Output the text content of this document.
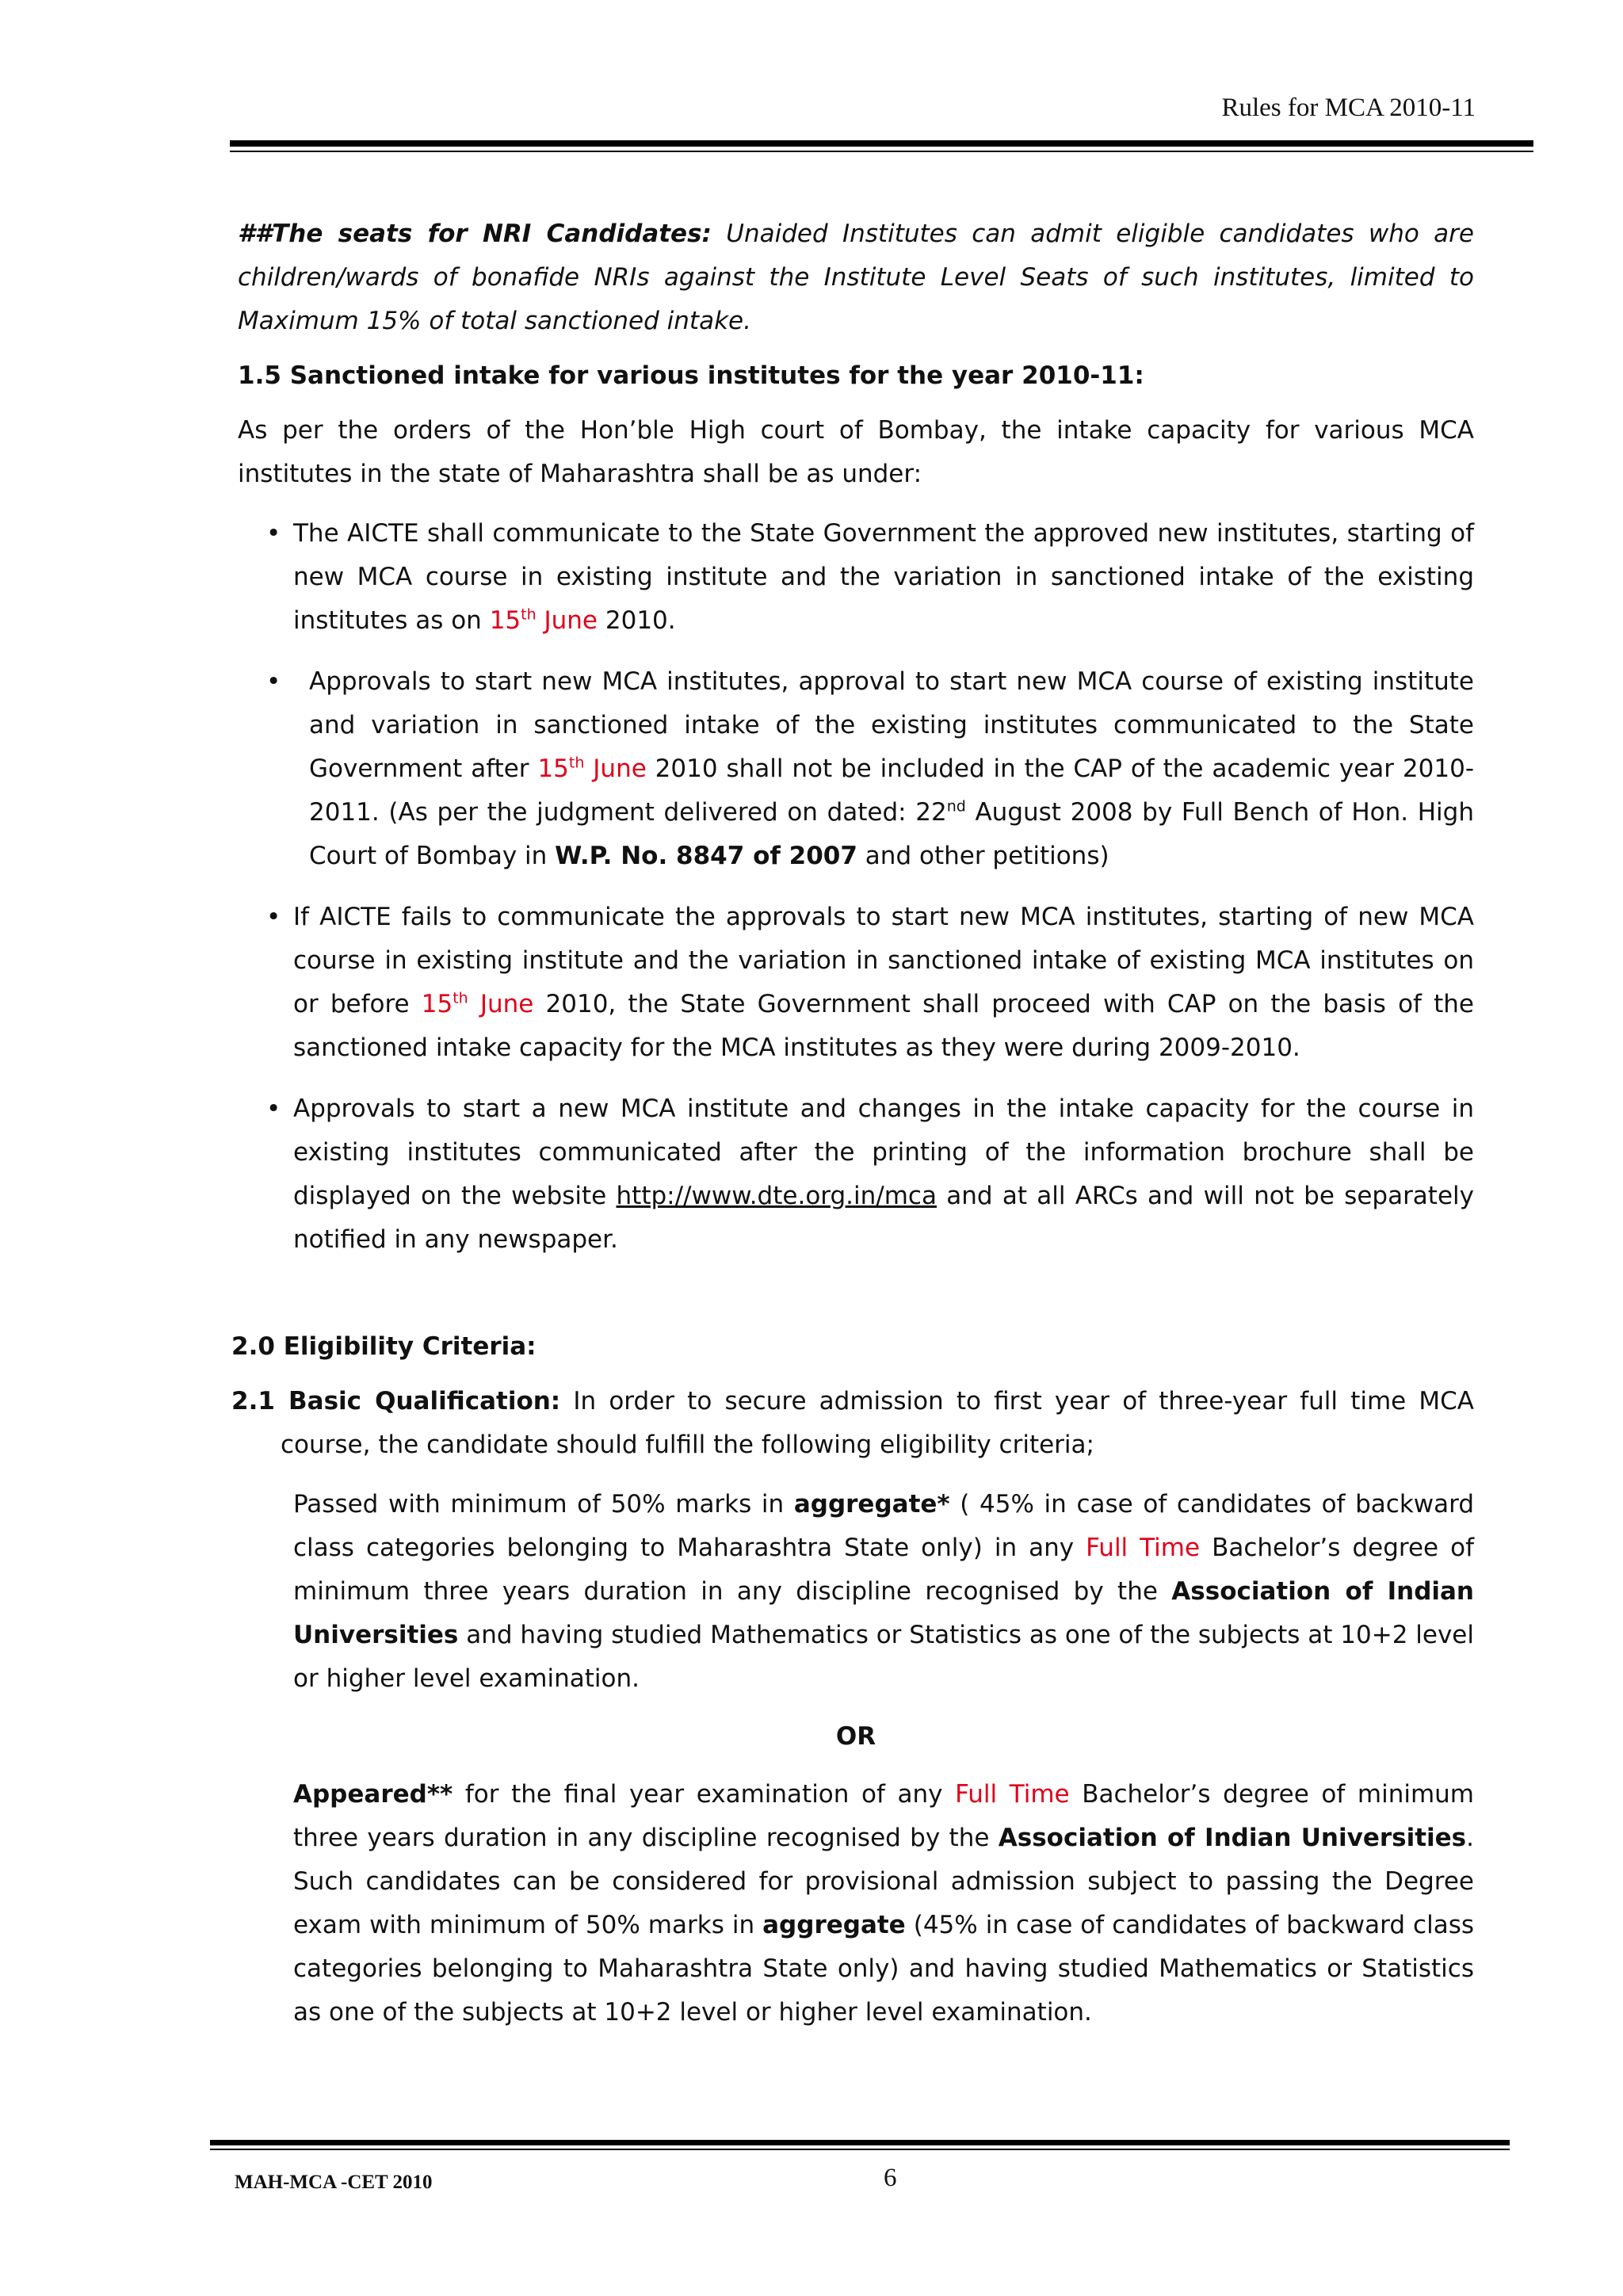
Rules for MCA 2010-11

##The seats for NRI Candidates: Unaided Institutes can admit eligible candidates who are children/wards of bonafide NRIs against the Institute Level Seats of such institutes, limited to Maximum 15% of total sanctioned intake.

1.5 Sanctioned intake for various institutes for the year 2010-11:

As per the orders of the Hon’ble High court of Bombay, the intake capacity for various MCA institutes in the state of Maharashtra shall be as under:

• The AICTE shall communicate to the State Government the approved new institutes, starting of new MCA course in existing institute and the variation in sanctioned intake of the existing institutes as on 15th June 2010.
• Approvals to start new MCA institutes, approval to start new MCA course of existing institute and variation in sanctioned intake of the existing institutes communicated to the State Government after 15th June 2010 shall not be included in the CAP of the academic year 2010-2011. (As per the judgment delivered on dated: 22nd August 2008 by Full Bench of Hon. High Court of Bombay in W.P. No. 8847 of 2007 and other petitions)
• If AICTE fails to communicate the approvals to start new MCA institutes, starting of new MCA course in existing institute and the variation in sanctioned intake of existing MCA institutes on or before 15th June 2010, the State Government shall proceed with CAP on the basis of the sanctioned intake capacity for the MCA institutes as they were during 2009-2010.
• Approvals to start a new MCA institute and changes in the intake capacity for the course in existing institutes communicated after the printing of the information brochure shall be displayed on the website http://www.dte.org.in/mca and at all ARCs and will not be separately notified in any newspaper.

2.0 Eligibility Criteria:

2.1 Basic Qualification: In order to secure admission to first year of three-year full time MCA course, the candidate should fulfill the following eligibility criteria;

Passed with minimum of 50% marks in aggregate* ( 45% in case of candidates of backward class categories belonging to Maharashtra State only) in any Full Time Bachelor’s degree of minimum three years duration in any discipline recognised by the Association of Indian Universities and having studied Mathematics or Statistics as one of the subjects at 10+2 level or higher level examination.

OR

Appeared** for the final year examination of any Full Time Bachelor’s degree of minimum three years duration in any discipline recognised by the Association of Indian Universities. Such candidates can be considered for provisional admission subject to passing the Degree exam with minimum of 50% marks in aggregate (45% in case of candidates of backward class categories belonging to Maharashtra State only) and having studied Mathematics or Statistics as one of the subjects at 10+2 level or higher level examination.

MAH-MCA -CET 2010	6
